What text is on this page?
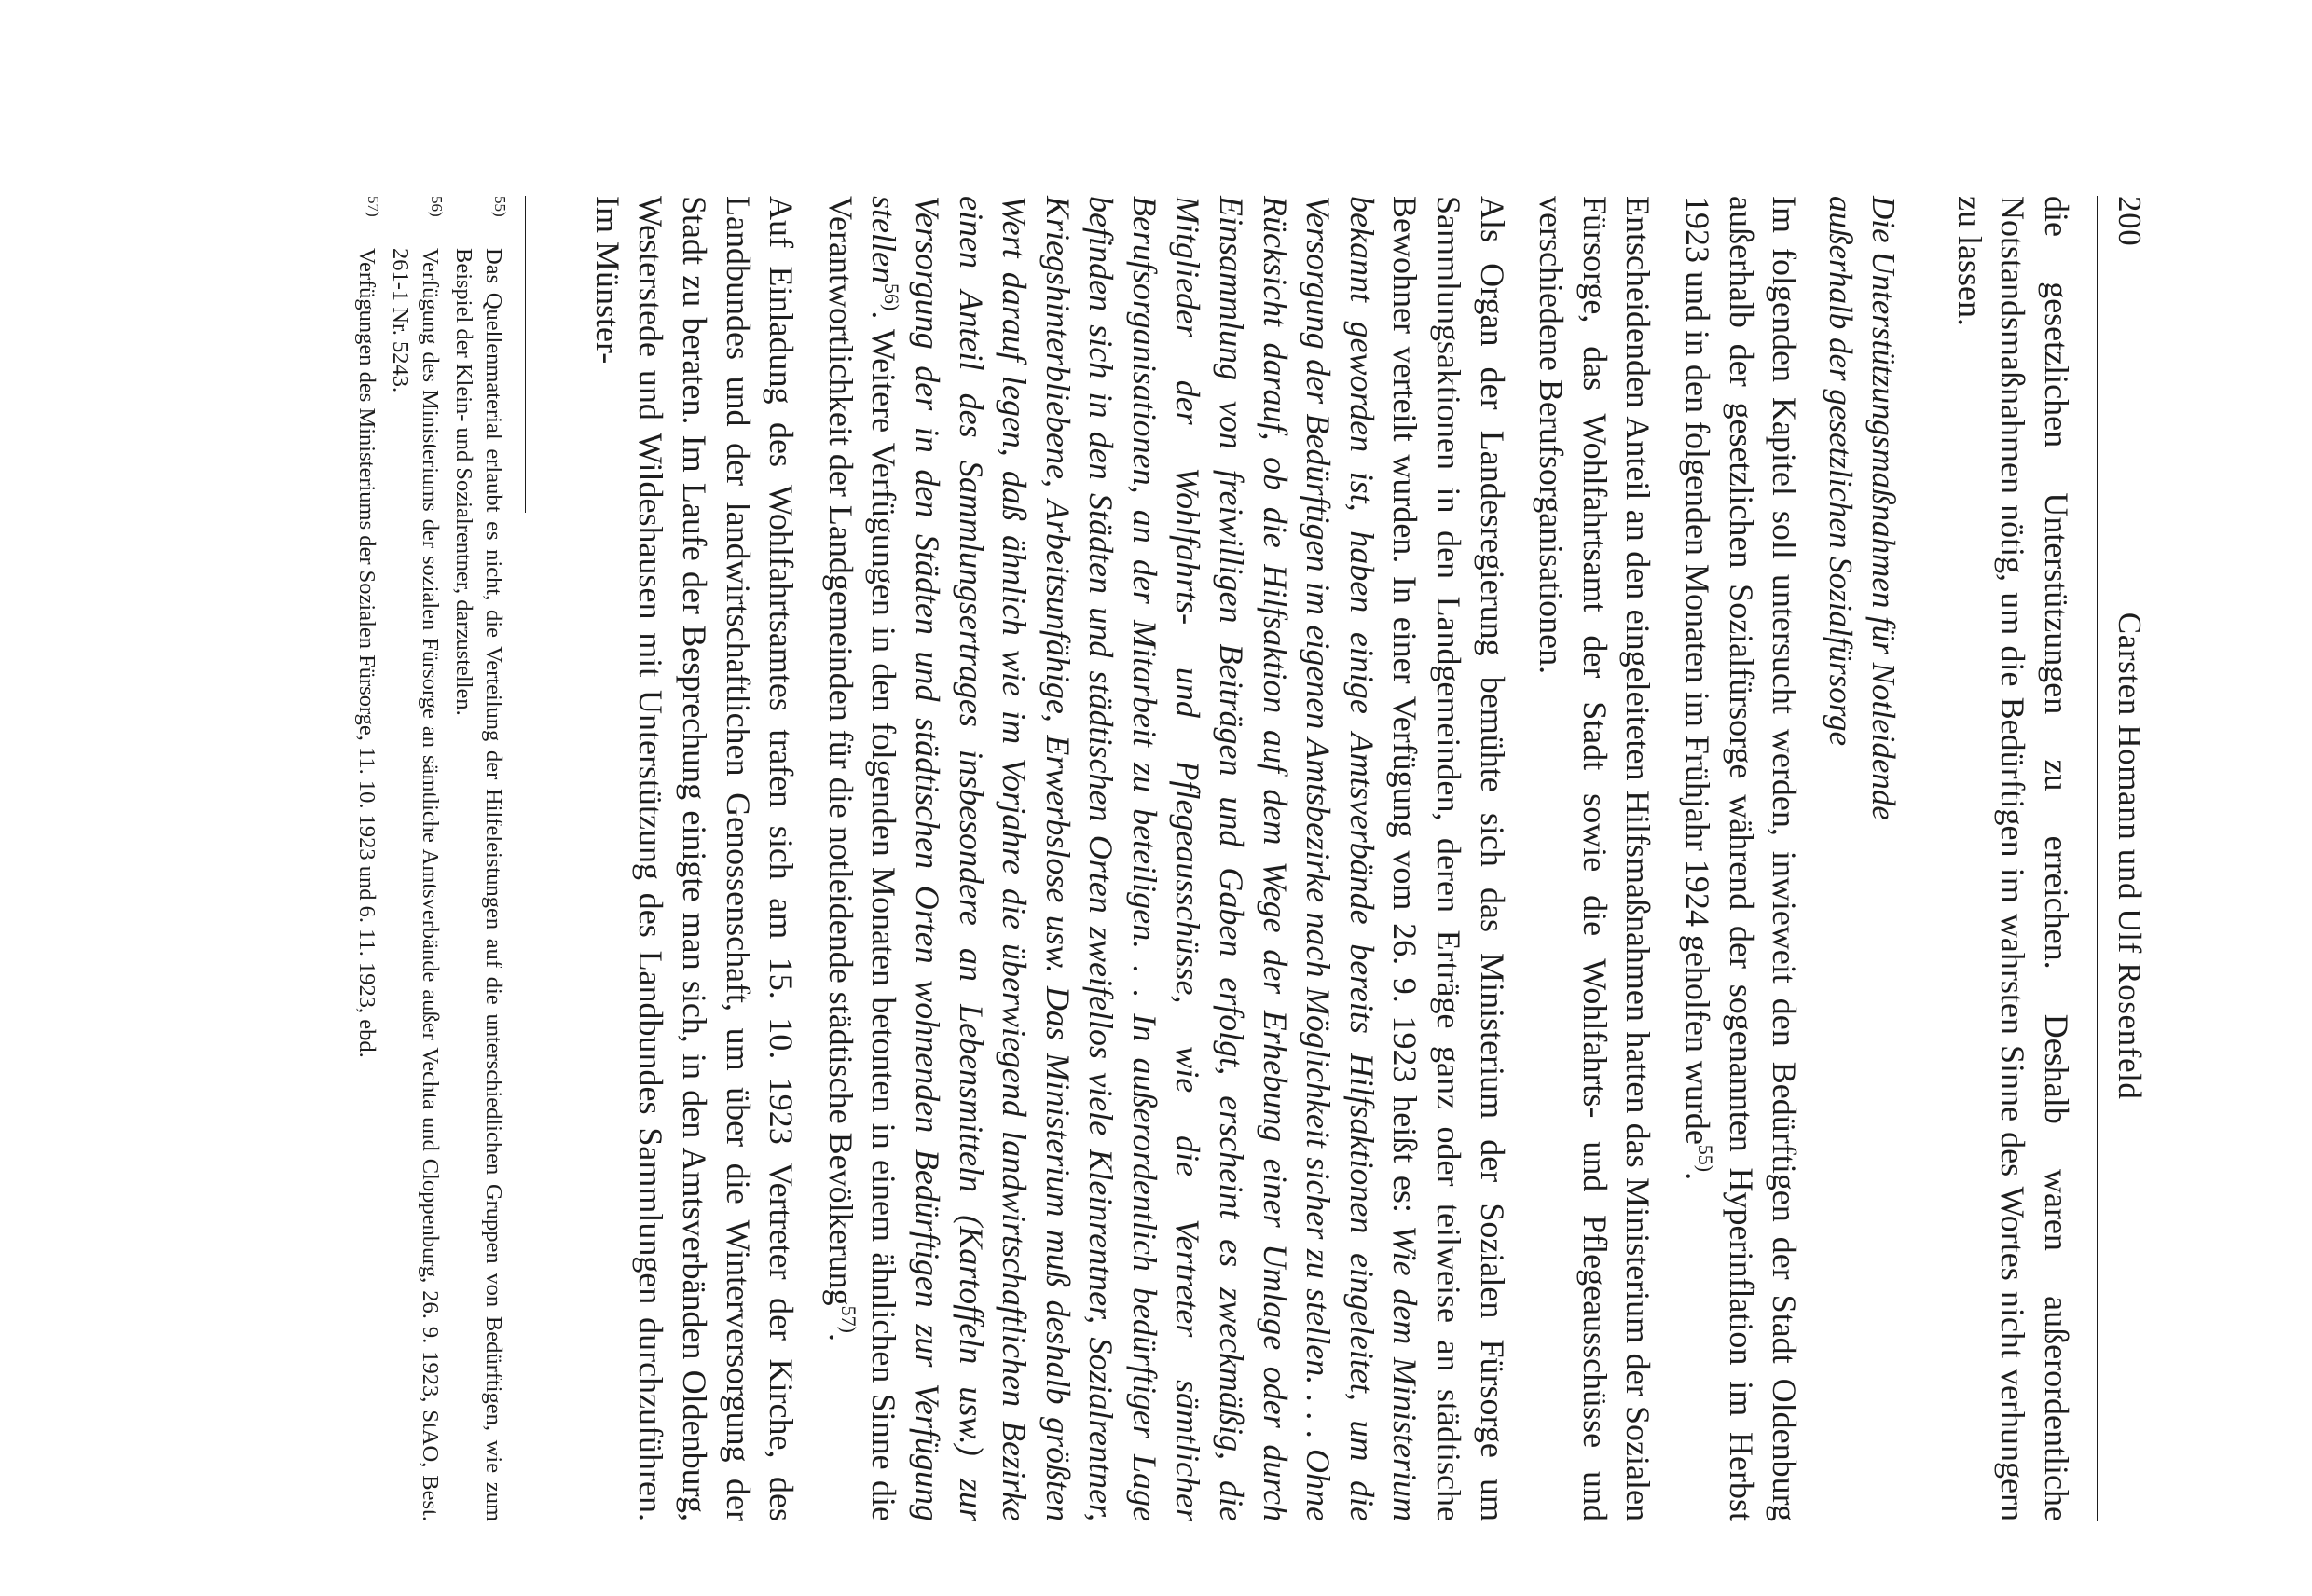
200
Carsten Homann und Ulf Rosenfeld

die gesetzlichen Unterstützungen zu erreichen. Deshalb waren außerordentliche Notstandsmaßnahmen nötig, um die Bedürftigen im wahrsten Sinne des Wortes nicht verhungern zu lassen.

Die Unterstützungsmaßnahmen für Notleidende
außerhalb der gesetzlichen Sozialfürsorge

Im folgenden Kapitel soll untersucht werden, inwieweit den Bedürftigen der Stadt Oldenburg außerhalb der gesetzlichen Sozialfürsorge während der sogenannten Hyperinflation im Herbst 1923 und in den folgenden Monaten im Frühjahr 1924 geholfen wurde$^{55)}$.

Entscheidenden Anteil an den eingeleiteten Hilfsmaßnahmen hatten das Ministerium der Sozialen Fürsorge, das Wohlfahrtsamt der Stadt sowie die Wohlfahrts- und Pflegeausschüsse und verschiedene Berufsorganisationen.

Als Organ der Landesregierung bemühte sich das Ministerium der Sozialen Fürsorge um Sammlungsaktionen in den Landgemeinden, deren Erträge ganz oder teilweise an städtische Bewohner verteilt wurden. In einer Verfügung vom 26. 9. 1923 heißt es: Wie dem Ministerium bekannt geworden ist, haben einige Amtsverbände bereits Hilfsaktionen eingeleitet, um die Versorgung der Bedürftigen im eigenen Amtsbezirke nach Möglichkeit sicher zu stellen. . . . Ohne Rücksicht darauf, ob die Hilfsaktion auf dem Wege der Erhebung einer Umlage oder durch Einsammlung von freiwilligen Beiträgen und Gaben erfolgt, erscheint es zweckmäßig, die Mitglieder der Wohlfahrts- und Pflegeausschüsse, wie die Vertreter sämtlicher Berufsorganisationen, an der Mitarbeit zu beteiligen. . . In außerordentlich bedürftiger Lage befinden sich in den Städten und städtischen Orten zweifellos viele Kleinrentner, Sozialrentner, Kriegshinterbliebene, Arbeitsunfähige, Erwerbslose usw. Das Ministerium muß deshalb größten Wert darauf legen, daß ähnlich wie im Vorjahre die überwiegend landwirtschaftlichen Bezirke einen Anteil des Sammlungsertrages insbesondere an Lebensmitteln (Kartoffeln usw.) zur Versorgung der in den Städten und städtischen Orten wohnenden Bedürftigen zur Verfügung stellen$^{56)}$. Weitere Verfügungen in den folgenden Monaten betonten in einem ähnlichen Sinne die Verantwortlichkeit der Landgemeinden für die notleidende städtische Bevölkerung$^{57)}$.

Auf Einladung des Wohlfahrtsamtes trafen sich am 15. 10. 1923 Vertreter der Kirche, des Landbundes und der landwirtschaftlichen Genossenschaft, um über die Winterversorgung der Stadt zu beraten. Im Laufe der Besprechung einigte man sich, in den Amtsverbänden Oldenburg, Westerstede und Wildeshausen mit Unterstützung des Landbundes Sammlungen durchzuführen. Im Münster-

$^{55)}$
Das Quellenmaterial erlaubt es nicht, die Verteilung der Hilfeleistungen auf die unterschiedlichen Gruppen von Bedürftigen, wie zum Beispiel der Klein- und Sozialrentner, darzustellen.
$^{56)}$
Verfügung des Ministeriums der sozialen Fürsorge an sämtliche Amtsverbände außer Vechta und Cloppenburg, 26. 9. 1923, StAO, Best. 261-1 Nr. 5243.
$^{57)}$
Verfügungen des Ministeriums der Sozialen Fürsorge, 11. 10. 1923 und 6. 11. 1923, ebd.
